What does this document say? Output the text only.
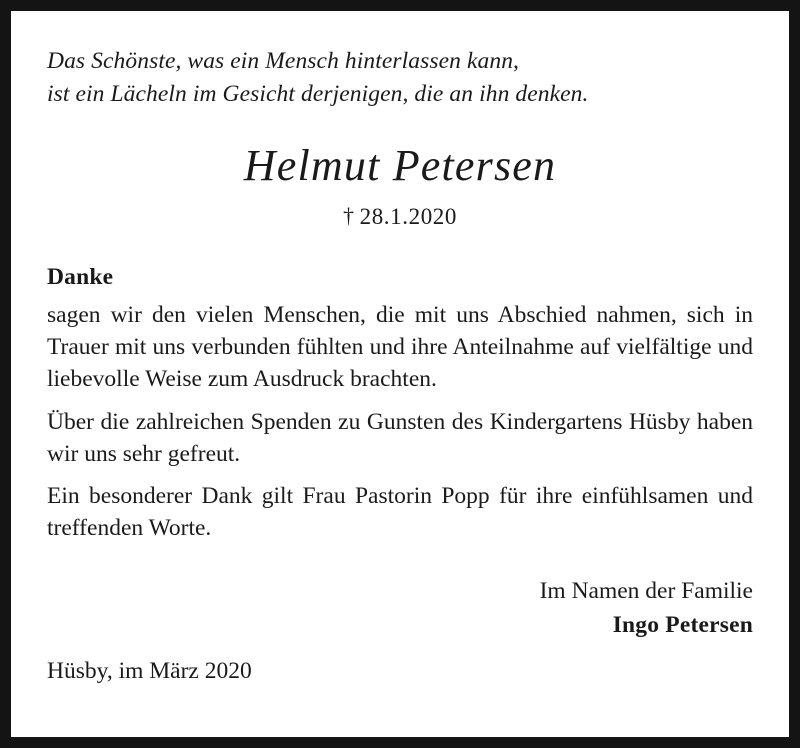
Das Schönste, was ein Mensch hinterlassen kann,
ist ein Lächeln im Gesicht derjenigen, die an ihn denken.
Helmut Petersen
† 28.1.2020
Danke

sagen wir den vielen Menschen, die mit uns Abschied nahmen, sich in Trauer mit uns verbunden fühlten und ihre Anteilnahme auf vielfältige und liebevolle Weise zum Ausdruck brachten.

Über die zahlreichen Spenden zu Gunsten des Kindergartens Hüsby haben wir uns sehr gefreut.

Ein besonderer Dank gilt Frau Pastorin Popp für ihre einfühlsamen und treffenden Worte.

Im Namen der Familie
Ingo Petersen
Hüsby, im März 2020
